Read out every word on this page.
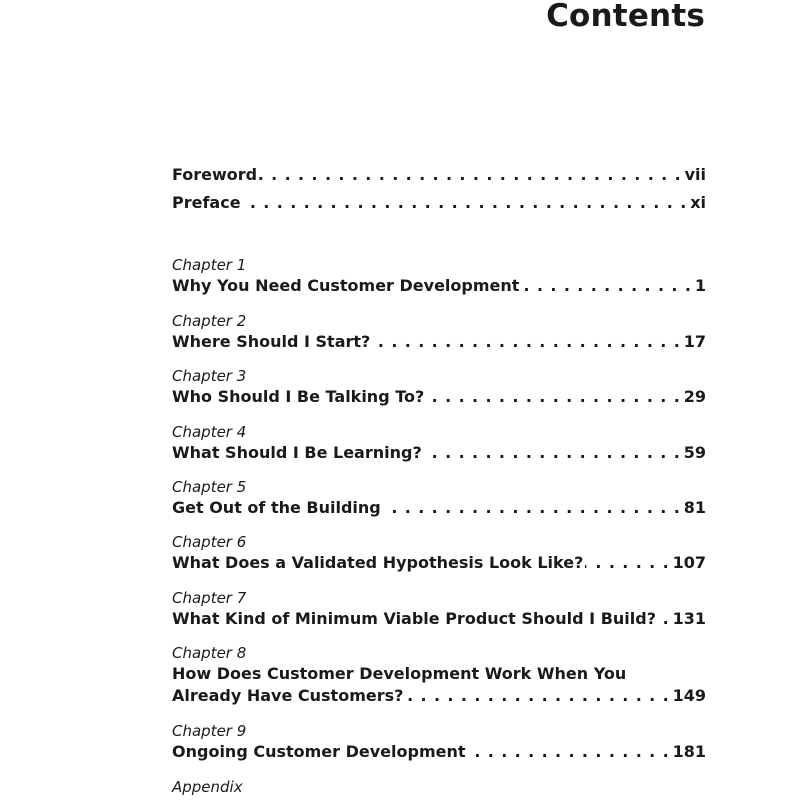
Contents
Foreword . . .	vii
Preface . . .	xi
Chapter 1
Why You Need Customer Development . . .	1
Chapter 2
Where Should I Start? . . .	17
Chapter 3
Who Should I Be Talking To? . . .	29
Chapter 4
What Should I Be Learning? . . .	59
Chapter 5
Get Out of the Building . . .	81
Chapter 6
What Does a Validated Hypothesis Look Like? . . .	107
Chapter 7
What Kind of Minimum Viable Product Should I Build? . . . 131
Chapter 8
How Does Customer Development Work When You
Already Have Customers? . . .	149
Chapter 9
Ongoing Customer Development . . .	181
Appendix
